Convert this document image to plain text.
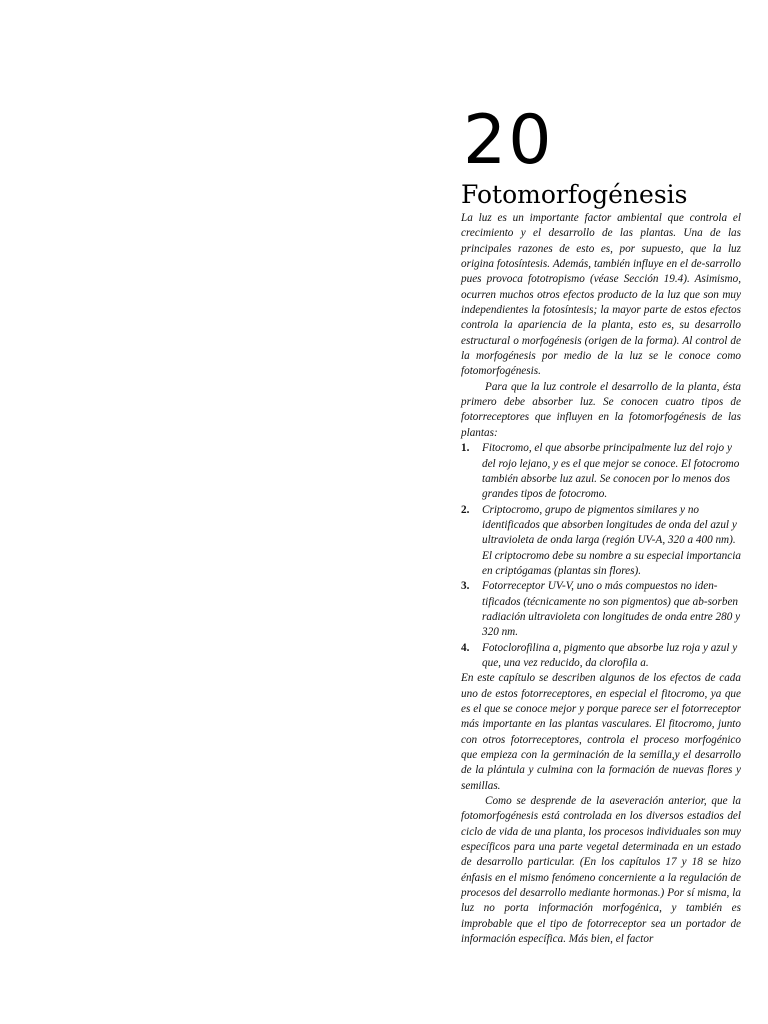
20
Fotomorfogénesis

La luz es un importante factor ambiental que controla el crecimiento y el desarrollo de las plantas. Una de las principales razones de esto es, por supuesto, que la luz origina fotosíntesis. Además, también influye en el de-sarrollo pues provoca fototropismo (véase Sección 19.4). Asimismo, ocurren muchos otros efectos producto de la luz que son muy independientes la fotosíntesis; la mayor parte de estos efectos controla la apariencia de la planta, esto es, su desarrollo estructural o morfogénesis (origen de la forma). Al control de la morfogénesis por medio de la luz se le conoce como fotomorfogénesis.

Para que la luz controle el desarrollo de la planta, ésta primero debe absorber luz. Se conocen cuatro tipos de fotorreceptores que influyen en la fotomorfogénesis de las plantas:

1. Fitocromo, el que absorbe principalmente luz del rojo y del rojo lejano, y es el que mejor se conoce. El fotocromo también absorbe luz azul. Se conocen por lo menos dos grandes tipos de fotocromo.
2. Criptocromo, grupo de pigmentos similares y no identificados que absorben longitudes de onda del azul y ultravioleta de onda larga (región UV-A, 320 a 400 nm). El criptocromo debe su nombre a su especial importancia en criptógamas (plantas sin flores).
3. Fotorreceptor UV-V, uno o más compuestos no iden-tificados (técnicamente no son pigmentos) que ab-sorben radiación ultravioleta con longitudes de onda entre 280 y 320 nm.
4. Fotoclorofilina a, pigmento que absorbe luz roja y azul y que, una vez reducido, da clorofila a.

En este capítulo se describen algunos de los efectos de cada uno de estos fotorreceptores, en especial el fitocromo, ya que es el que se conoce mejor y porque parece ser el fotorreceptor más importante en las plantas vasculares. El fitocromo, junto con otros fotorreceptores, controla el proceso morfogénico que empieza con la germinación de la semilla,y el desarrollo de la plántula y culmina con la formación de nuevas flores y semillas.

Como se desprende de la aseveración anterior, que la fotomorfogénesis está controlada en los diversos estadios del ciclo de vida de una planta, los procesos individuales son muy específicos para una parte vegetal determinada en un estado de desarrollo particular. (En los capítulos 17 y 18 se hizo énfasis en el mismo fenómeno concerniente a la regulación de procesos del desarrollo mediante hormonas.) Por sí misma, la luz no porta información morfogénica, y también es improbable que el tipo de fotorreceptor sea un portador de información específica. Más bien, el factor
